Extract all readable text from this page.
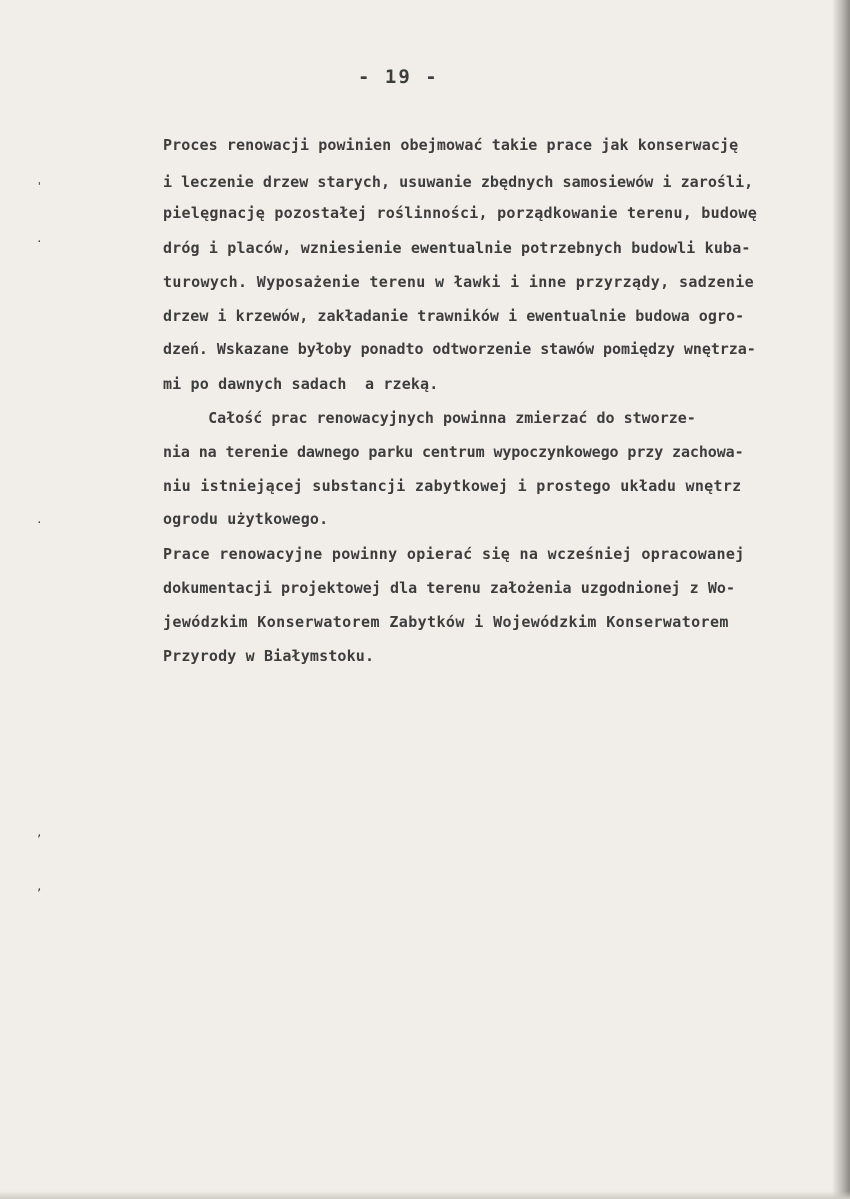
- 19 -
Proces renowacji powinien obejmować takie prace jak konserwację
i leczenie drzew starych, usuwanie zbędnych samosiewów i zarośli,
pielęgnację pozostałej roślinności, porządkowanie terenu, budowę
dróg i placów, wzniesienie ewentualnie potrzebnych budowli kuba-
turowych. Wyposażenie terenu w ławki i inne przyrządy, sadzenie
drzew i krzewów, zakładanie trawników i ewentualnie budowa ogro-
dzeń. Wskazane byłoby ponadto odtworzenie stawów pomiędzy wnętrza-
mi po dawnych sadach  a rzeką.
Całość prac renowacyjnych powinna zmierzać do stworze-
nia na terenie dawnego parku centrum wypoczynkowego przy zachowa-
niu istniejącej substancji zabytkowej i prostego układu wnętrz
ogrodu użytkowego.
Prace renowacyjne powinny opierać się na wcześniej opracowanej
dokumentacji projektowej dla terenu założenia uzgodnionej z Wo-
jewódzkim Konserwatorem Zabytków i Wojewódzkim Konserwatorem
Przyrody w Białymstoku.
'
.
.
,
,
